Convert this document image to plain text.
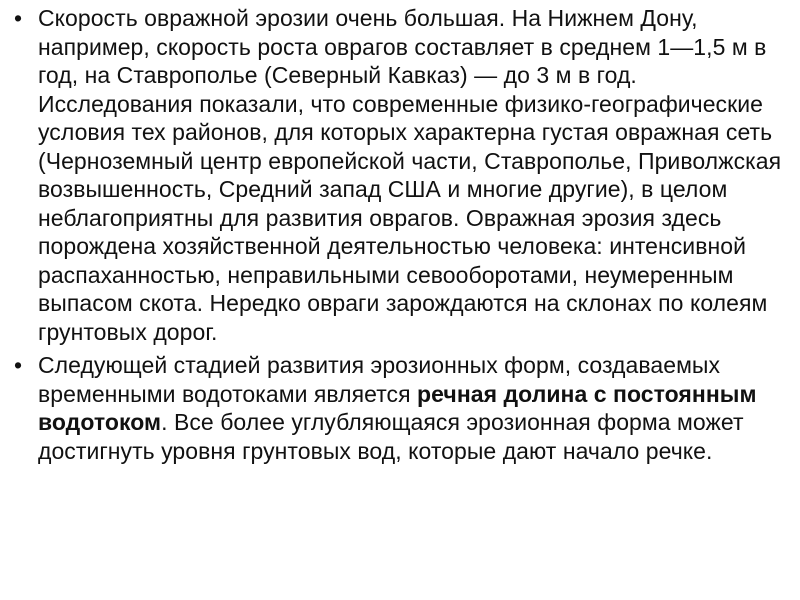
• Скорость овражной эрозии очень большая. На Нижнем Дону, например, скорость роста оврагов составляет в среднем 1—1,5 м в год, на Ставрополье (Северный Кавказ) — до 3 м в год. Исследования показали, что современные физико-географические условия тех районов, для которых характерна густая овражная сеть (Черноземный центр европейской части, Ставрополье, Приволжская возвышенность, Средний запад США и многие другие), в целом неблагоприятны для развития оврагов. Овражная эрозия здесь порождена хозяйственной деятельностью человека: интенсивной распаханностью, неправильными севооборотами, неумеренным выпасом скота. Нередко овраги зарождаются на склонах по колеям грунтовых дорог.
• Следующей стадией развития эрозионных форм, создаваемых временными водотоками является речная долина с постоянным водотоком. Все более углубляющаяся эрозионная форма может достигнуть уровня грунтовых вод, которые дают начало речке.
